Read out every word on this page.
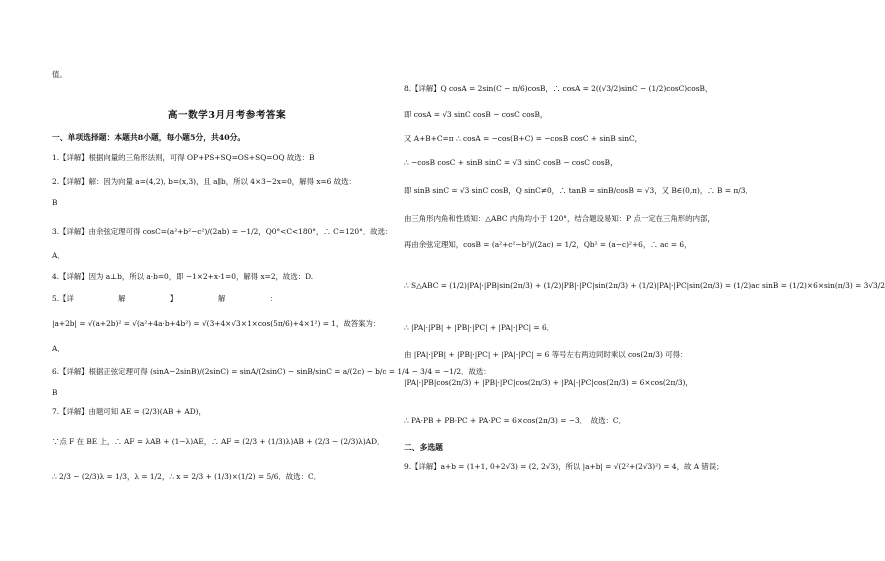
值。
高一数学3月月考参考答案
一、单项选择题：本题共8小题，每小题5分，共40分。
1.【详解】根据向量的三角形法则，可得 OP+PS+SQ=OS+SQ=OQ 故选：B
2.【详解】解：因为向量 a=(4,2), b=(x,3)，且 a∥b，所以 4×3−2x=0，解得 x=6 故选：
B
3.【详解】由余弦定理可得 cosC=(a²+b²−c²)/(2ab) = −1/2，Q0°<C<180°，∴ C=120°．故选：
A．
4.【详解】因为 a⊥b，所以 a·b=0，即 −1×2+x·1=0，解得 x=2，故选：D.
5.【详　　　　　　解　　　　　　】　　　　　　解　　　　　　：
|a+2b| = √(a+2b)² = √(a²+4a·b+4b²) = √(3+4×√3×1×cos(5π/6)+4×1²) = 1，故答案为：
A．
6.【详解】根据正弦定理可得 (sinA−2sinB)/(2sinC) = sinA/(2sinC) − sinB/sinC = a/(2c) − b/c = 1/4 − 3/4 = −1/2．故选：
B
7.【详解】由题可知 AE = (2/3)(AB + AD)，
∵点 F 在 BE 上，∴ AF = λAB + (1−λ)AE，∴ AF = (2/3 + (1/3)λ)AB + (2/3 − (2/3)λ)AD．
∴ 2/3 − (2/3)λ = 1/3，λ = 1/2，∴ x = 2/3 + (1/3)×(1/2) = 5/6．故选：C．
8.【详解】Q cosA = 2sin(C − π/6)cosB，∴ cosA = 2((√3/2)sinC − (1/2)cosC)cosB，
即 cosA = √3 sinC cosB − cosC cosB，
又 A+B+C=π ∴ cosA = −cos(B+C) = −cosB cosC + sinB sinC，
∴ −cosB cosC + sinB sinC = √3 sinC cosB − cosC cosB，
即 sinB sinC = √3 sinC cosB，Q sinC≠0，∴ tanB = sinB/cosB = √3，又 B∈(0,π)，∴ B = π/3．
由三角形内角和性质知：△ABC 内角均小于 120°，结合题设易知：P 点一定在三角形的内部，
再由余弦定理知，cosB = (a²+c²−b²)/(2ac) = 1/2，Qb² = (a−c)²+6，∴ ac = 6，
∴ S△ABC = (1/2)|PA|·|PB|sin(2π/3) + (1/2)|PB|·|PC|sin(2π/3) + (1/2)|PA|·|PC|sin(2π/3) = (1/2)ac sinB = (1/2)×6×sin(π/3) = 3√3/2
∴ |PA|·|PB| + |PB|·|PC| + |PA|·|PC| = 6．
由 |PA|·|PB| + |PB|·|PC| + |PA|·|PC| = 6 等号左右两边同时乘以 cos(2π/3) 可得：
|PA|·|PB|cos(2π/3) + |PB|·|PC|cos(2π/3) + |PA|·|PC|cos(2π/3) = 6×cos(2π/3)，
∴ PA·PB + PB·PC + PA·PC = 6×cos(2π/3) = −3．　故选：C．
二、多选题
9.【详解】a+b = (1+1, 0+2√3) = (2, 2√3)，所以 |a+b| = √(2²+(2√3)²) = 4，故 A 错误；
